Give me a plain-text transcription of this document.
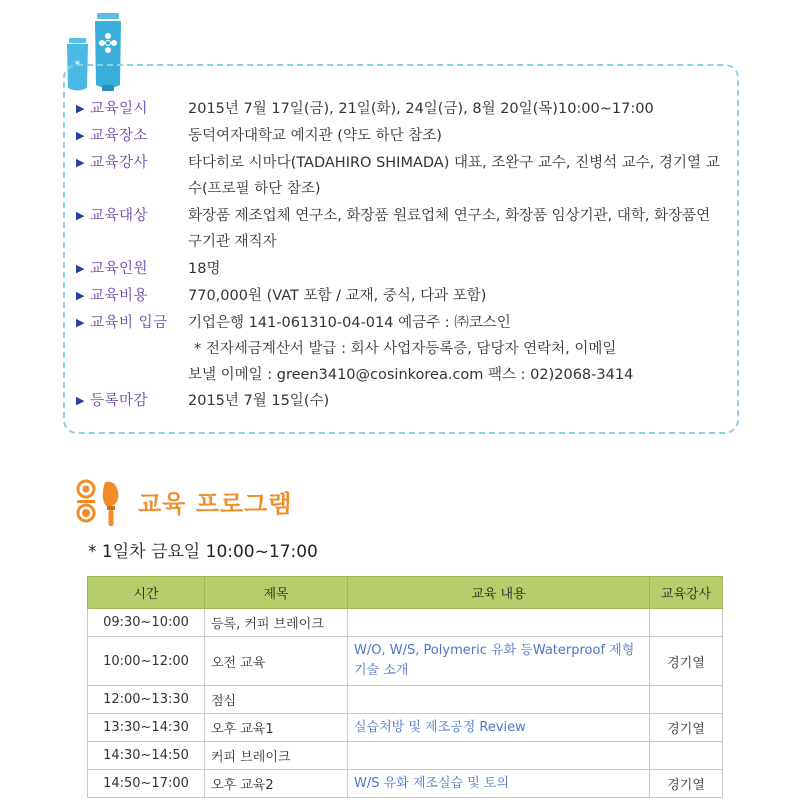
*
▶ 교육일시	2015년 7월 17일(금), 21일(화), 24일(금), 8월 20일(목)10:00~17:00
▶ 교육장소	동덕여자대학교 예지관 (약도 하단 참조)
▶ 교육강사	타다히로 시마다(TADAHIRO SHIMADA) 대표, 조완구 교수, 진병석 교수, 경기열 교수(프로필 하단 참조)
▶ 교육대상	화장품 제조업체 연구소, 화장품 원료업체 연구소, 화장품 임상기관, 대학, 화장품연구기관 재직자
▶ 교육인원	18명
▶ 교육비용	770,000원 (VAT 포함 / 교재, 중식, 다과 포함)
▶ 교육비 입금	기업은행 141-061310-04-014 예금주 : ㈜코스인
* 전자세금계산서 발급 : 회사 사업자등록증, 담당자 연락처, 이메일
보낼 이메일 : green3410@cosinkorea.com 팩스 : 02)2068-3414
▶ 등록마감	2015년 7월 15일(수)
교육 프로그램
* 1일차 금요일 10:00~17:00
시간	제목	교육 내용	교육강사
09:30~10:00	등록, 커피 브레이크		
10:00~12:00	오전 교육	W/O, W/S, Polymeric 유화 등Waterproof 제형기술 소개	경기열
12:00~13:30	점심		
13:30~14:30	오후 교육1	실습처방 및 제조공정 Review	경기열
14:30~14:50	커피 브레이크		
14:50~17:00	오후 교육2	W/S 유화 제조실습 및 토의	경기열
